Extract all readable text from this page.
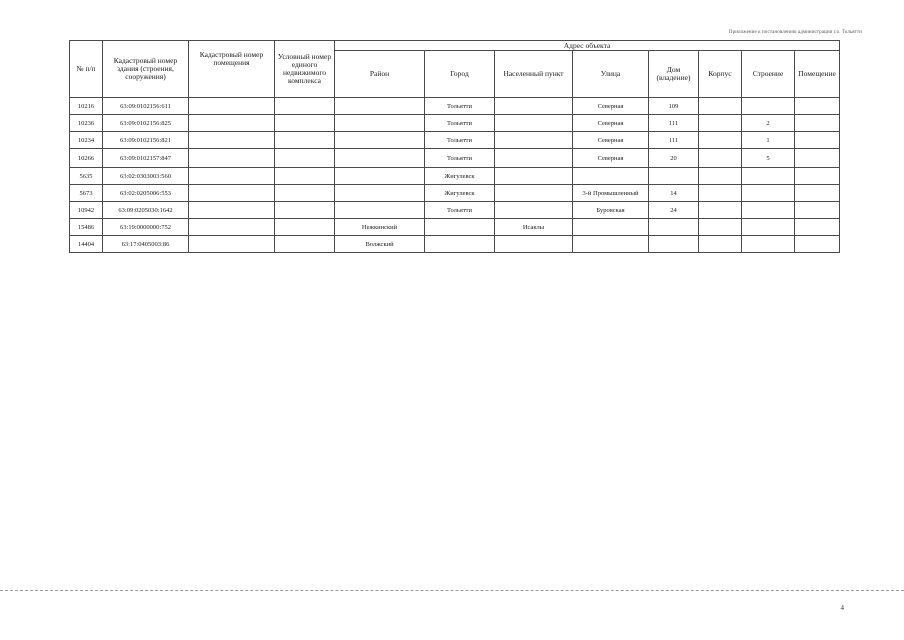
Приложение к постановлению администрации г.о. Тольятти
№ п/п	Кадастровый номер здания (строения, сооружения)	Кадастровый номер помещения	Условный номер единого недвижимого комплекса	Адрес объекта							
				Район	Город	Населенный пункт	Улица	Дом (владение)	Корпус	Строение	Помещение
10216	63:09:0102156:611				Тольятти		Северная	109			
10236	63:09:0102156:825				Тольятти		Северная	111		2	
10234	63:09:0102156:821				Тольятти		Северная	111		1	
10266	63:09:0102157:847				Тольятти		Северная	20		5	
5635	63:02:0303003:560				Жигулевск						
5673	63:02:0205006:553				Жигулевск		3-й Промышленный	14			
10942	63:09:0205030:1642				Тольятти		Буровская	24			
15486	63:19:0000000:752			Нежкинский		Исаклы					
14404	63:17:0405003:86			Волжский							
4
